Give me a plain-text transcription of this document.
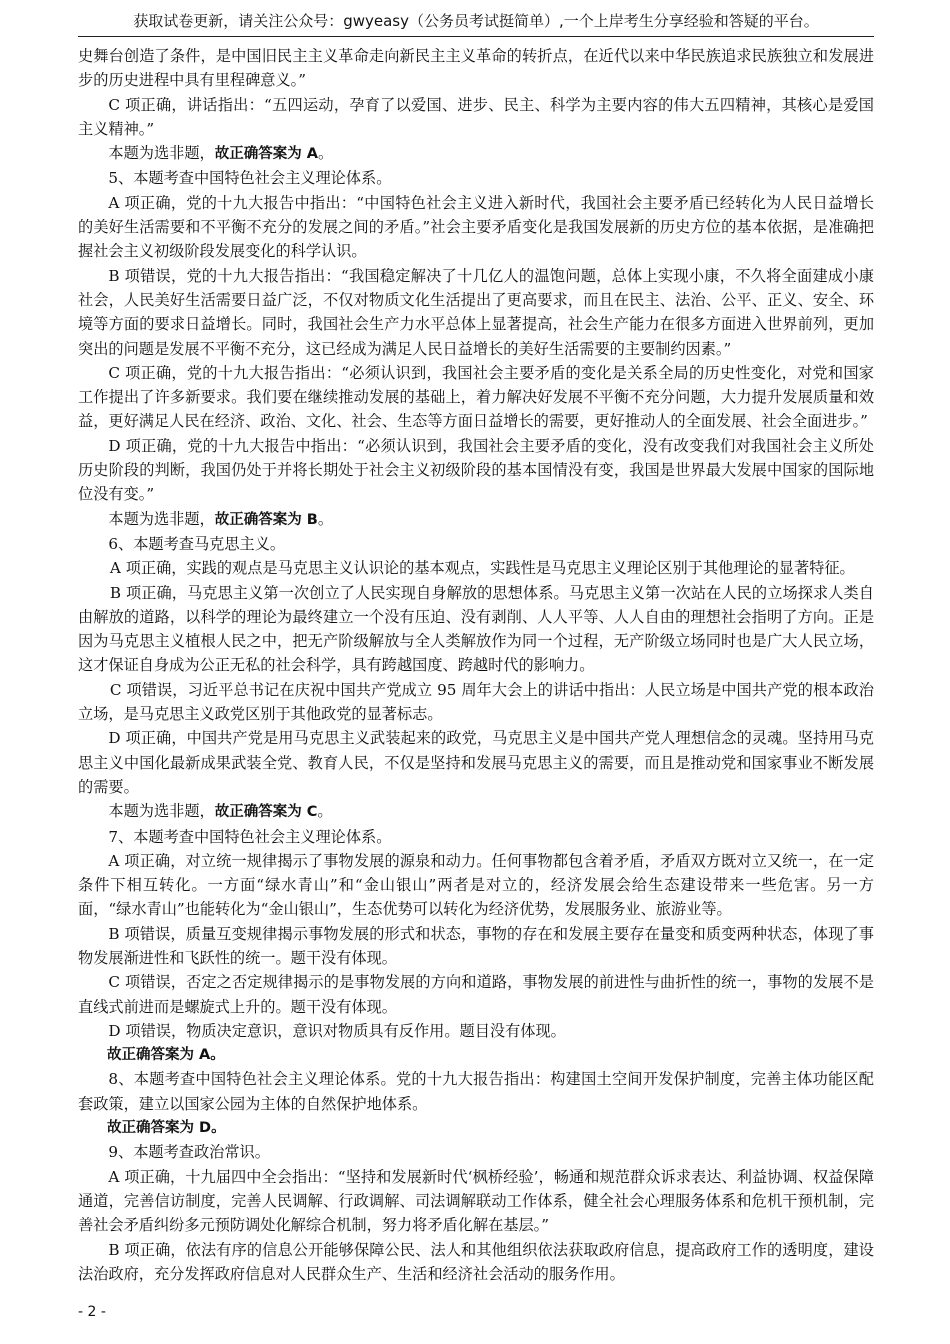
获取试卷更新，请关注公众号：gwyeasy（公务员考试挺简单）,一个上岸考生分享经验和答疑的平台。

史舞台创造了条件，是中国旧民主主义革命走向新民主主义革命的转折点，在近代以来中华民族追求民族独立和发展进步的历史进程中具有里程碑意义。”

C 项正确，讲话指出：“五四运动，孕育了以爱国、进步、民主、科学为主要内容的伟大五四精神，其核心是爱国主义精神。”

本题为选非题，故正确答案为 A。

5、本题考查中国特色社会主义理论体系。

A 项正确，党的十九大报告中指出：“中国特色社会主义进入新时代，我国社会主要矛盾已经转化为人民日益增长的美好生活需要和不平衡不充分的发展之间的矛盾。”社会主要矛盾变化是我国发展新的历史方位的基本依据，是准确把握社会主义初级阶段发展变化的科学认识。

B 项错误，党的十九大报告指出：“我国稳定解决了十几亿人的温饱问题，总体上实现小康，不久将全面建成小康社会，人民美好生活需要日益广泛，不仅对物质文化生活提出了更高要求，而且在民主、法治、公平、正义、安全、环境等方面的要求日益增长。同时，我国社会生产力水平总体上显著提高，社会生产能力在很多方面进入世界前列，更加突出的问题是发展不平衡不充分，这已经成为满足人民日益增长的美好生活需要的主要制约因素。”

C 项正确，党的十九大报告指出：“必须认识到，我国社会主要矛盾的变化是关系全局的历史性变化，对党和国家工作提出了许多新要求。我们要在继续推动发展的基础上，着力解决好发展不平衡不充分问题，大力提升发展质量和效益，更好满足人民在经济、政治、文化、社会、生态等方面日益增长的需要，更好推动人的全面发展、社会全面进步。”

D 项正确，党的十九大报告中指出：“必须认识到，我国社会主要矛盾的变化，没有改变我们对我国社会主义所处历史阶段的判断，我国仍处于并将长期处于社会主义初级阶段的基本国情没有变，我国是世界最大发展中国家的国际地位没有变。”

本题为选非题，故正确答案为 B。

6、本题考查马克思主义。

A 项正确，实践的观点是马克思主义认识论的基本观点，实践性是马克思主义理论区别于其他理论的显著特征。

B 项正确，马克思主义第一次创立了人民实现自身解放的思想体系。马克思主义第一次站在人民的立场探求人类自由解放的道路，以科学的理论为最终建立一个没有压迫、没有剥削、人人平等、人人自由的理想社会指明了方向。正是因为马克思主义植根人民之中，把无产阶级解放与全人类解放作为同一个过程，无产阶级立场同时也是广大人民立场，这才保证自身成为公正无私的社会科学，具有跨越国度、跨越时代的影响力。

C 项错误，习近平总书记在庆祝中国共产党成立 95 周年大会上的讲话中指出：人民立场是中国共产党的根本政治立场，是马克思主义政党区别于其他政党的显著标志。

D 项正确，中国共产党是用马克思主义武装起来的政党，马克思主义是中国共产党人理想信念的灵魂。坚持用马克思主义中国化最新成果武装全党、教育人民，不仅是坚持和发展马克思主义的需要，而且是推动党和国家事业不断发展的需要。

本题为选非题，故正确答案为 C。

7、本题考查中国特色社会主义理论体系。

A 项正确，对立统一规律揭示了事物发展的源泉和动力。任何事物都包含着矛盾，矛盾双方既对立又统一，在一定条件下相互转化。一方面“绿水青山”和“金山银山”两者是对立的，经济发展会给生态建设带来一些危害。另一方面，“绿水青山”也能转化为“金山银山”，生态优势可以转化为经济优势，发展服务业、旅游业等。

B 项错误，质量互变规律揭示事物发展的形式和状态，事物的存在和发展主要存在量变和质变两种状态，体现了事物发展渐进性和飞跃性的统一。题干没有体现。

C 项错误，否定之否定规律揭示的是事物发展的方向和道路，事物发展的前进性与曲折性的统一，事物的发展不是直线式前进而是螺旋式上升的。题干没有体现。

D 项错误，物质决定意识，意识对物质具有反作用。题目没有体现。

故正确答案为 A。

8、本题考查中国特色社会主义理论体系。党的十九大报告指出：构建国土空间开发保护制度，完善主体功能区配套政策，建立以国家公园为主体的自然保护地体系。

故正确答案为 D。

9、本题考查政治常识。

A 项正确，十九届四中全会指出：“坚持和发展新时代‘枫桥经验’，畅通和规范群众诉求表达、利益协调、权益保障通道，完善信访制度，完善人民调解、行政调解、司法调解联动工作体系，健全社会心理服务体系和危机干预机制，完善社会矛盾纠纷多元预防调处化解综合机制，努力将矛盾化解在基层。”

B 项正确，依法有序的信息公开能够保障公民、法人和其他组织依法获取政府信息，提高政府工作的透明度，建设法治政府，充分发挥政府信息对人民群众生产、生活和经济社会活动的服务作用。

- 2 -
